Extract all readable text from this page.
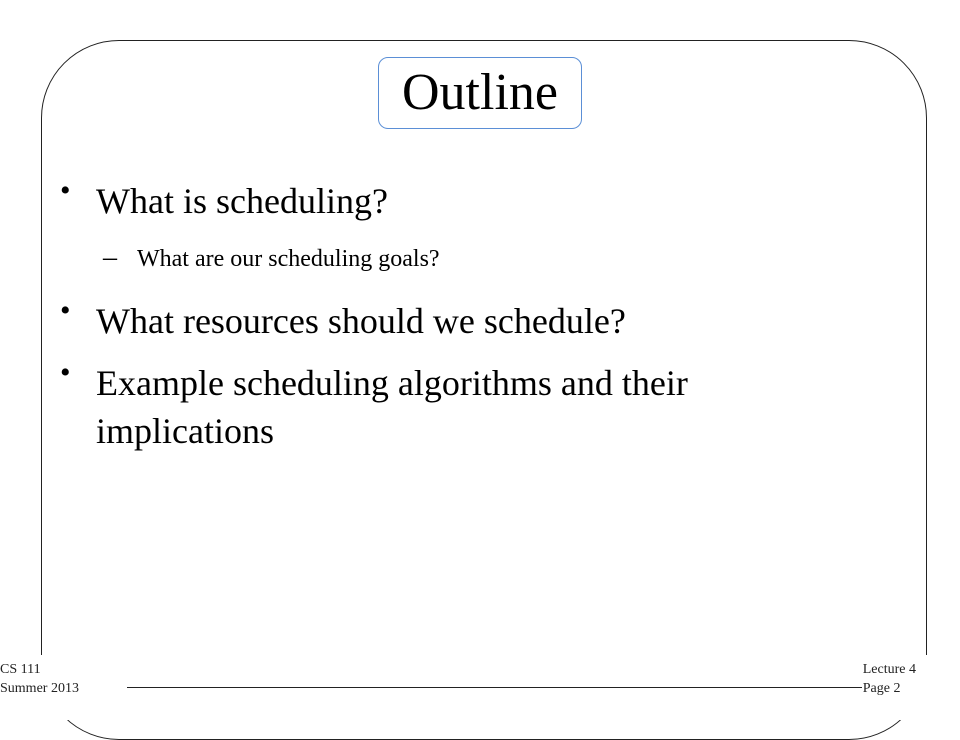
Outline
• What is scheduling?
– What are our scheduling goals?
• What resources should we schedule?
• Example scheduling algorithms and their
implications
CS 111
Summer 2013
Lecture 4
Page 2
